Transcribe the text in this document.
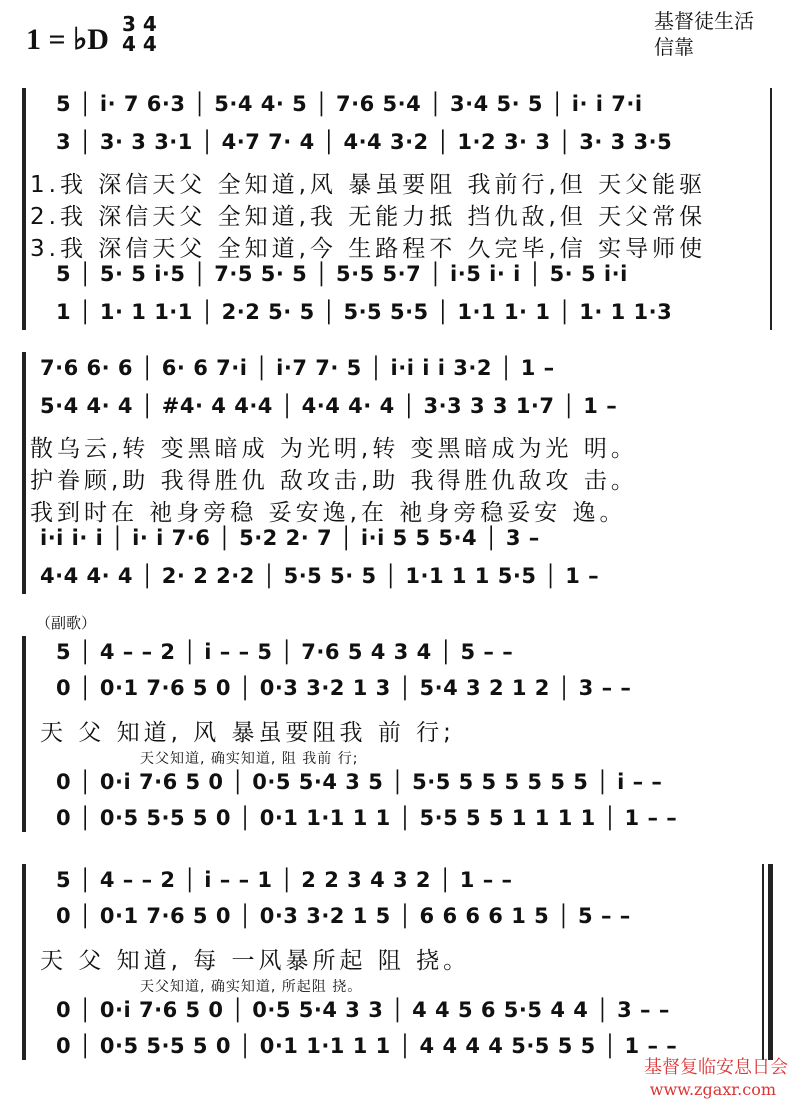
1 = ♭D 3 4
4 4
基督徒生活
信靠
5 │ i· 7 6·3 │ 5·4 4· 5 │ 7·6 5·4 │ 3·4 5· 5 │ i· i 7·i
3 │ 3· 3 3·1 │ 4·7 7· 4 │ 4·4 3·2 │ 1·2 3· 3 │ 3· 3 3·5
1.我 深信天父 全知道,风 暴虽要阻 我前行,但 天父能驱
2.我 深信天父 全知道,我 无能力抵 挡仇敌,但 天父常保
3.我 深信天父 全知道,今 生路程不 久完毕,信 实导师使
5 │ 5· 5 i·5 │ 7·5 5· 5 │ 5·5 5·7 │ i·5 i· i │ 5· 5 i·i
1 │ 1· 1 1·1 │ 2·2 5· 5 │ 5·5 5·5 │ 1·1 1· 1 │ 1· 1 1·3
7·6 6· 6 │ 6· 6 7·i │ i·7 7· 5 │ i·i i i 3·2 │ 1 –
5·4 4· 4 │ #4· 4 4·4 │ 4·4 4· 4 │ 3·3 3 3 1·7 │ 1 –
散乌云,转 变黑暗成 为光明,转 变黑暗成为光 明。
护眷顾,助 我得胜仇 敌攻击,助 我得胜仇敌攻 击。
我到时在 祂身旁稳 妥安逸,在 祂身旁稳妥安 逸。
i·i i· i │ i· i 7·6 │ 5·2 2· 7 │ i·i 5 5 5·4 │ 3 –
4·4 4· 4 │ 2· 2 2·2 │ 5·5 5· 5 │ 1·1 1 1 5·5 │ 1 –
（副歌）
5 │ 4 – – 2 │ i – – 5 │ 7·6 5 4 3 4 │ 5 – –
0 │ 0·1 7·6 5 0 │ 0·3 3·2 1 3 │ 5·4 3 2 1 2 │ 3 – –
天 父 知道, 风 暴虽要阻我 前 行;
天父知道, 确实知道, 阻 我前 行;
0 │ 0·i 7·6 5 0 │ 0·5 5·4 3 5 │ 5·5 5 5 5 5 5 5 │ i – –
0 │ 0·5 5·5 5 0 │ 0·1 1·1 1 1 │ 5·5 5 5 1 1 1 1 │ 1 – –
5 │ 4 – – 2 │ i – – 1 │ 2 2 3 4 3 2 │ 1 – –
0 │ 0·1 7·6 5 0 │ 0·3 3·2 1 5 │ 6 6 6 6 1 5 │ 5 – –
天 父 知道, 每 一风暴所起 阻 挠。
天父知道, 确实知道, 所起阻 挠。
0 │ 0·i 7·6 5 0 │ 0·5 5·4 3 3 │ 4 4 5 6 5·5 4 4 │ 3 – –
0 │ 0·5 5·5 5 0 │ 0·1 1·1 1 1 │ 4 4 4 4 5·5 5 5 │ 1 – –
基督复临安息日会
www.zgaxr.com
